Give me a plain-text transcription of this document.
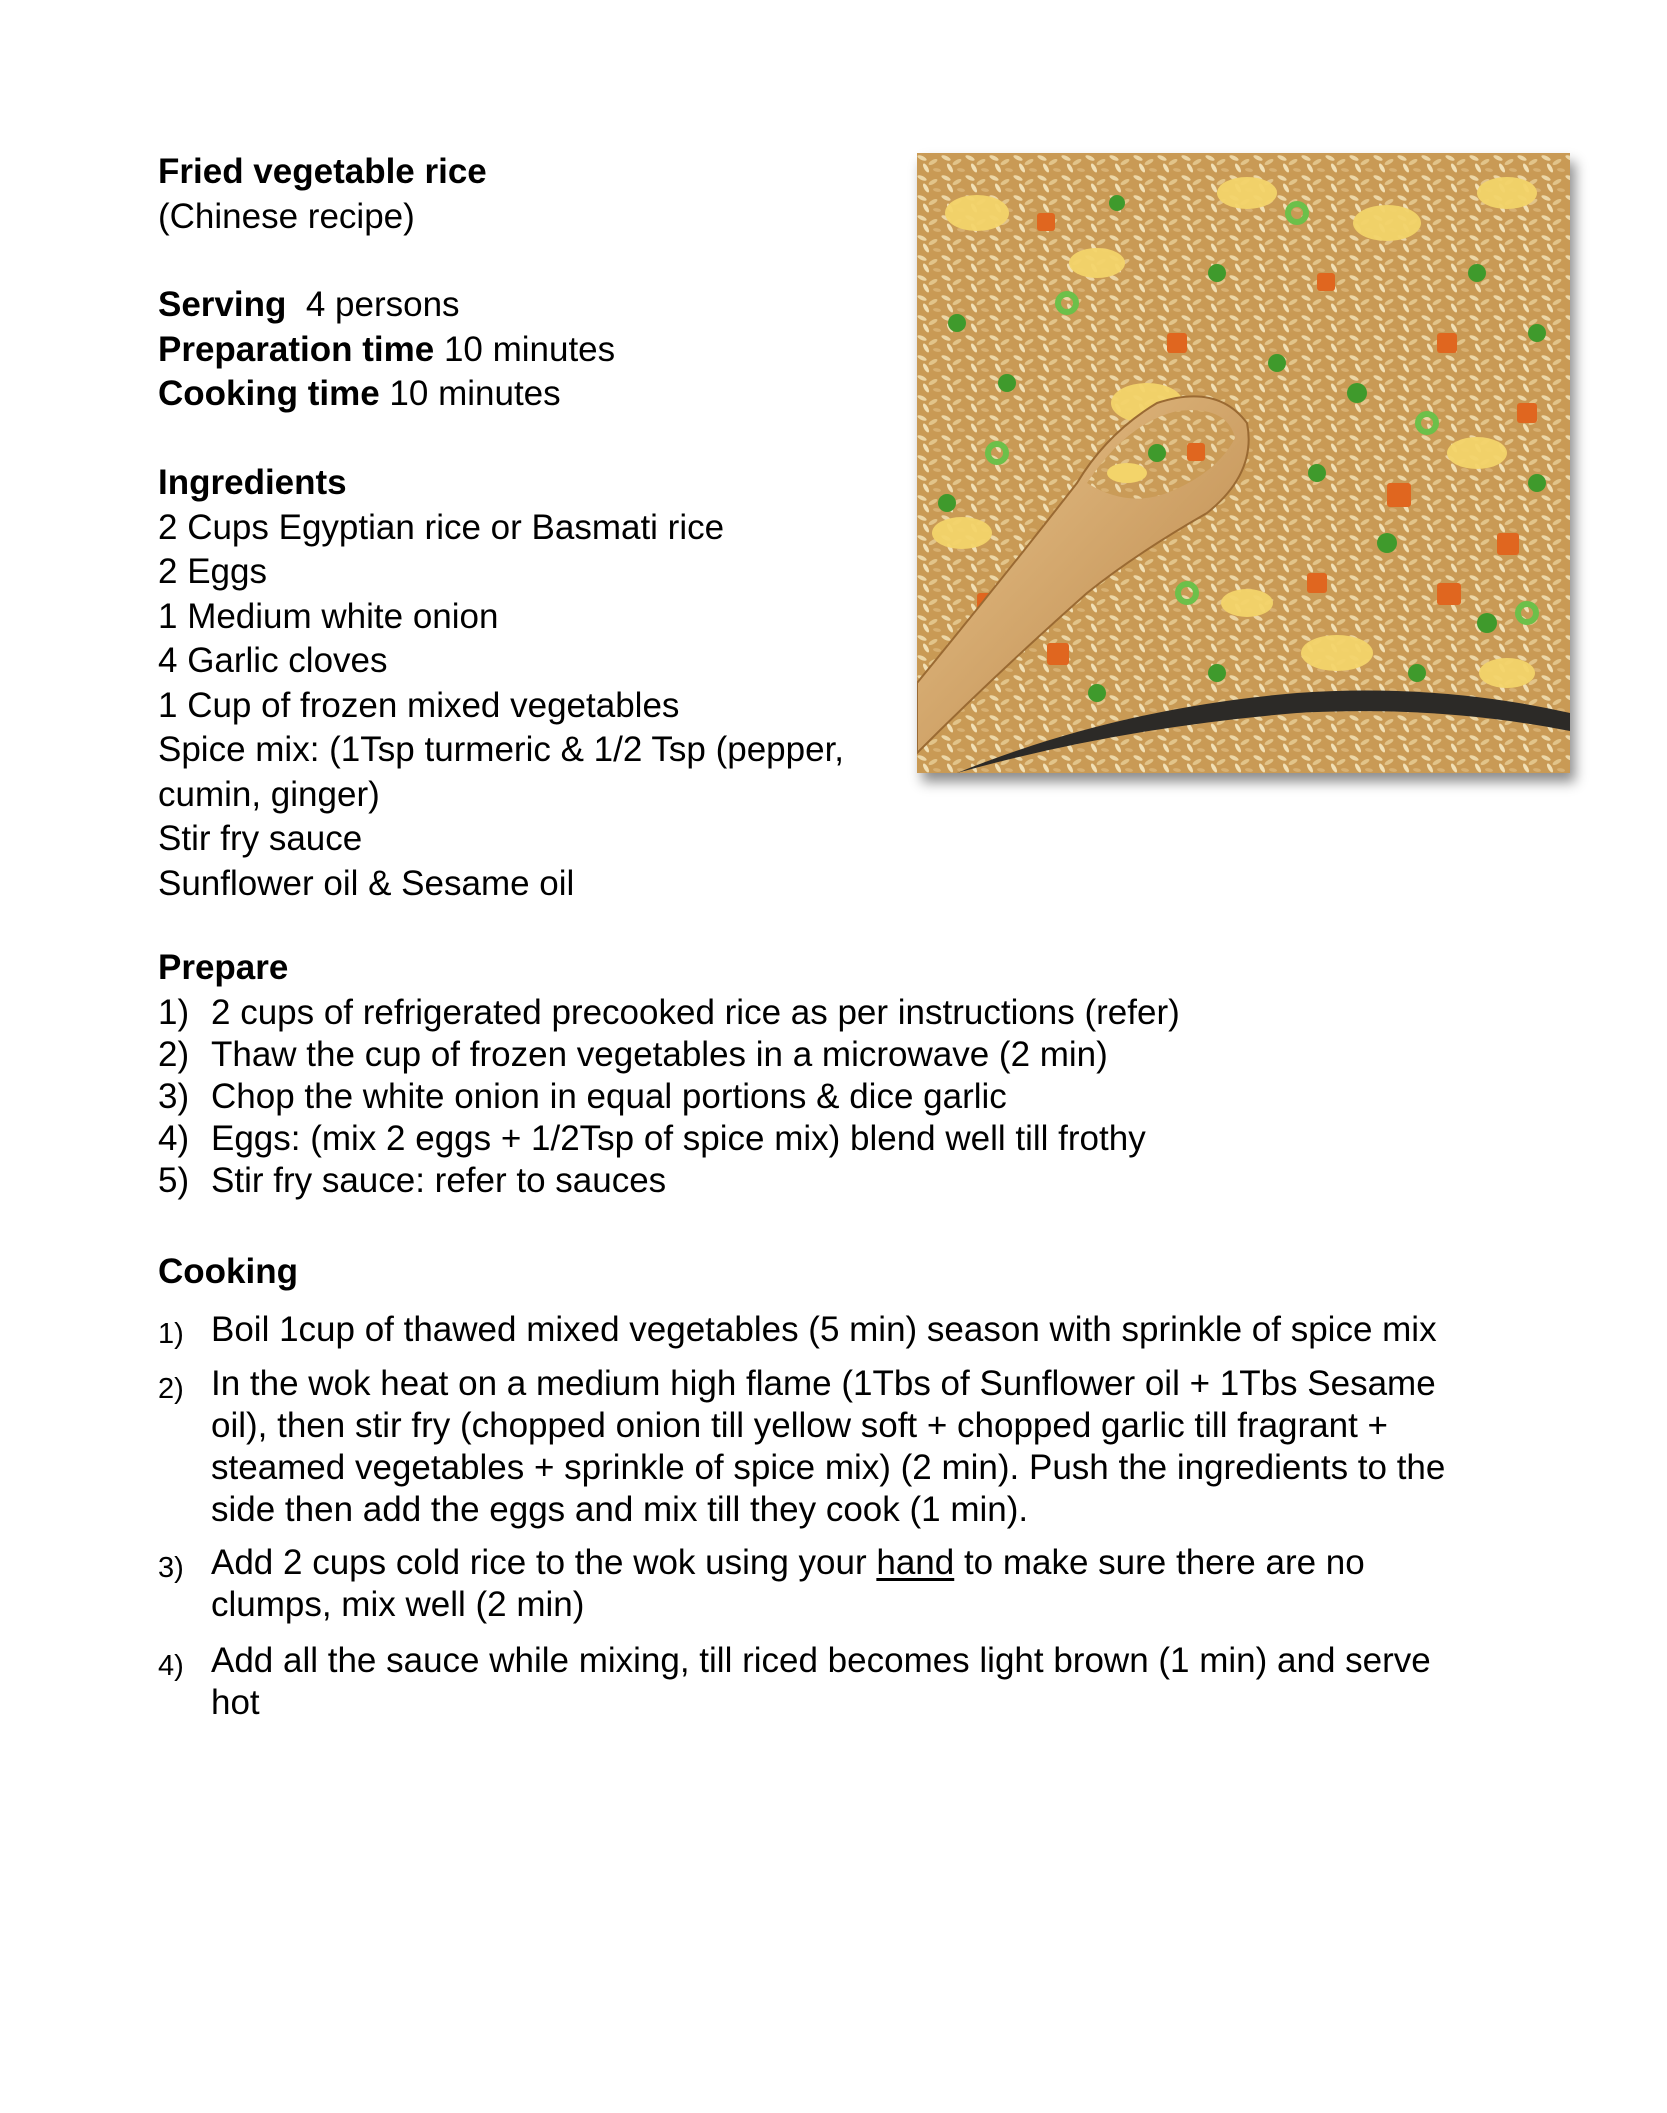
Fried vegetable rice
(Chinese recipe)
Serving 4 persons
Preparation time 10 minutes
Cooking time 10 minutes
Ingredients
2 Cups Egyptian rice or Basmati rice
2 Eggs
1 Medium white onion
4 Garlic cloves
1 Cup of frozen mixed vegetables
Spice mix: (1Tsp turmeric & 1/2 Tsp (pepper,
cumin, ginger)
Stir fry sauce
Sunflower oil & Sesame oil
Prepare
1) 2 cups of refrigerated precooked rice as per instructions (refer)
2) Thaw the cup of frozen vegetables in a microwave (2 min)
3) Chop the white onion in equal portions & dice garlic
4) Eggs: (mix 2 eggs + 1/2Tsp of spice mix) blend well till frothy
5) Stir fry sauce: refer to sauces
Cooking
1) Boil 1cup of thawed mixed vegetables (5 min) season with sprinkle of spice mix
2) In the wok heat on a medium high flame (1Tbs of Sunflower oil + 1Tbs Sesame
oil), then stir fry (chopped onion till yellow soft + chopped garlic till fragrant +
steamed vegetables + sprinkle of spice mix) (2 min). Push the ingredients to the
side then add the eggs and mix till they cook (1 min).
3) Add 2 cups cold rice to the wok using your hand to make sure there are no
clumps, mix well (2 min)
4) Add all the sauce while mixing, till riced becomes light brown (1 min) and serve
hot
